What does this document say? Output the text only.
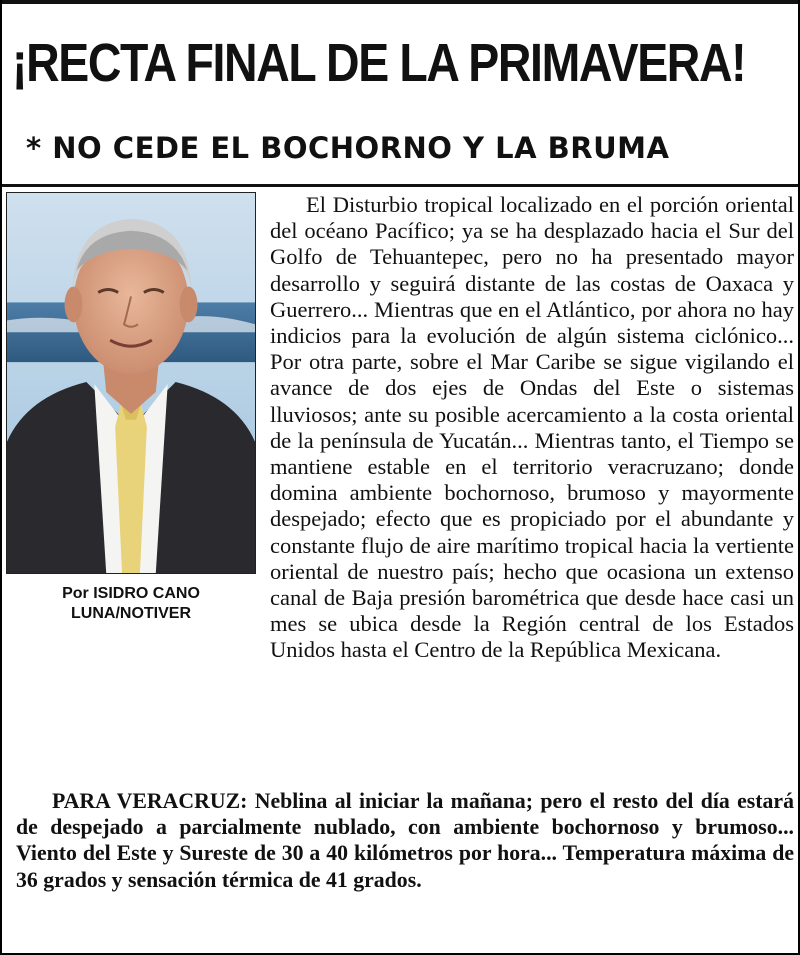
¡RECTA FINAL DE LA PRIMAVERA!
* NO CEDE EL BOCHORNO Y LA BRUMA
Por ISIDRO CANO
LUNA/NOTIVER
El Disturbio tropical localizado en el porción oriental del océano Pacífico; ya se ha desplazado hacia el Sur del Golfo de Tehuantepec, pero no ha presentado mayor desarrollo y seguirá distante de las costas de Oaxaca y Guerrero... Mientras que en el Atlántico, por ahora no hay indicios para la evolución de algún sistema ciclónico... Por otra parte, sobre el Mar Caribe se sigue vigilando el avance de dos ejes de Ondas del Este o sistemas lluviosos; ante su posible acercamiento a la costa oriental de la península de Yucatán... Mientras tanto, el Tiempo se mantiene estable en el territorio veracruzano; donde domina ambiente bochornoso, brumoso y mayormente despejado; efecto que es propiciado por el abundante y constante flujo de aire marítimo tropical hacia la vertiente oriental de nuestro país; hecho que ocasiona un extenso canal de Baja presión barométrica que desde hace casi un mes se ubica desde la Región central de los Estados Unidos hasta el Centro de la República Mexicana.
PARA VERACRUZ: Neblina al iniciar la mañana; pero el resto del día estará de despejado a parcialmente nublado, con ambiente bochornoso y brumoso... Viento del Este y Sureste de 30 a 40 kilómetros por hora... Temperatura máxima de 36 grados y sensación térmica de 41 grados.
